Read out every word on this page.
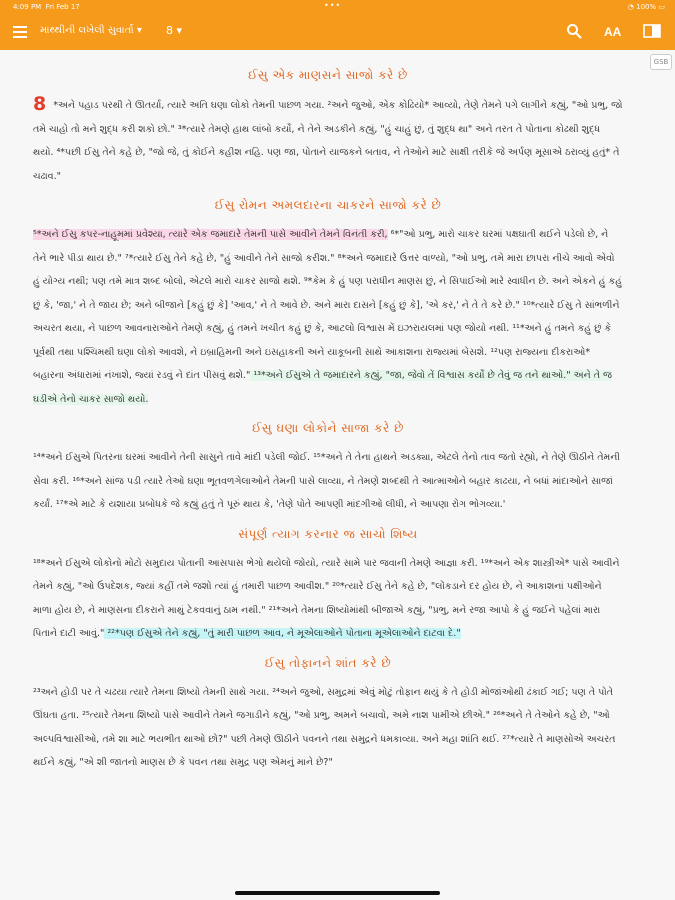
4:09 PM Fri Feb 17	•••	◔ 100% ▭
માથ્થીની લખેલી સુવાર્તા ▾ 8 ▾	AA
GSB
ઈસુ એક માણસને સાજો કરે છે

8 *અને પહાડ પરથી તે ઊતર્યા, ત્યારે અતિ ઘણા લોકો તેમની પાછળ ગયા. ²અને જુઓ, એક કોઢિયો* આવ્યો, તેણે તેમને પગે લાગીને કહ્યું, "ઓ પ્રભુ, જો તમે ચાહો તો મને શુદ્ધ કરી શકો છો." ³*ત્યારે તેમણે હાથ લાંબો કર્યો, ને તેને અડકીને કહ્યું, "હું ચાહું છું, તું શુદ્ધ થા" અને તરત તે પોતાના કોઢથી શુદ્ધ થયો. ⁴*પછી ઈસુ તેને કહે છે, "જો જે, તું કોઈને કહીશ નહિ. પણ જા, પોતાને યાજકને બતાવ, ને તેઓને માટે સાક્ષી તરીકે જે અર્પણ મૂસાએ ઠરાવ્યું હતું* તે ચઢાવ."

ઈસુ રોમન અમલદારના ચાકરને સાજો કરે છે

⁵*અને ઈસુ કપર-નાહૂમમાં પ્રવેશ્યા, ત્યારે એક જમાદારે તેમની પાસે આવીને તેમને વિનંતી કરી, ⁶*"ઓ પ્રભુ, મારો ચાકર ઘરમાં પક્ષઘાતી થઈને પડેલો છે, ને તેને ભારે પીડા થાય છે." ⁷*ત્યારે ઈસુ તેને કહે છે, "હું આવીને તેને સાજો કરીશ." ⁸*અને જમાદારે ઉત્તર વાળ્યો, "ઓ પ્રભુ, તમે મારા છાપરા નીચે આવો એવો હું યોગ્ય નથી; પણ તમે માત્ર શબ્દ બોલો, એટલે મારો ચાકર સાજો થશે. ⁹*કેમ કે હું પણ પરાધીન માણસ છું, ને સિપાઈઓ મારે સ્વાધીન છે. અને એકને હું કહું છું કે, 'જા,' ને તે જાય છે; અને બીજાને [કહું છું કે] 'આવ,' ને તે આવે છે. અને મારા દાસને [કહું છું કે], 'એ કર,' ને તે તે કરે છે." ¹⁰*ત્યારે ઈસુ તે સાંભળીને અચરત થયા, ને પાછળ આવનારાઓને તેમણે કહ્યું, હું તમને ખચીત કહું છું કે, આટલો વિશ્વાસ મેં ઇઝરાયલમાં પણ જોયો નથી. ¹¹*અને હું તમને કહું છું કે પૂર્વથી તથા પશ્ચિમથી ઘણા લોકો આવશે, ને ઇબ્રાહિમની અને ઇસહાકની અને યાકૂબની સાથે આકાશના રાજ્યમાં બેસશે. ¹²પણ રાજ્યના દીકરાઓ* બહારના અંધારામાં નંખાશે, જ્યાં રડવું ને દાંત પીસવું થશે." ¹³*અને ઈસુએ તે જમાદારને કહ્યું, "જા, જેવો તેં વિશ્વાસ કર્યો છે તેવું જ તને થાઓ." અને તે જ ઘડીએ તેનો ચાકર સાજો થયો.

ઈસુ ઘણા લોકોને સાજા કરે છે

¹⁴*અને ઈસુએ પિતરના ઘરમાં આવીને તેની સાસુને તાવે માંદી પડેલી જોઈ. ¹⁵*અને તે તેના હાથને અડક્યા, એટલે તેનો તાવ જતો રહ્યો, ને તેણે ઊઠીને તેમની સેવા કરી. ¹⁶*અને સાંજ પડી ત્યારે તેઓ ઘણા ભૂતવળગેલાઓને તેમની પાસે લાવ્યા, ને તેમણે શબ્દથી તે આત્માઓને બહાર કાઢયા, ને બધાં માંદાઓને સાજાં કર્યાં. ¹⁷*એ માટે કે યશાયા પ્રબોધકે જે કહ્યું હતું તે પૂરું થાય કે, 'તેણે પોતે આપણી માંદગીઓ લીધી, ને આપણા રોગ ભોગવ્યા.'

સંપૂર્ણ ત્યાગ કરનાર જ સાચો શિષ્ય

¹⁸*અને ઈસુએ લોકોનો મોટો સમુદાય પોતાની આસપાસ ભેગો થયેલો જોયો, ત્યારે સામે પાર જવાની તેમણે આજ્ઞા કરી. ¹⁹*અને એક શાસ્ત્રીએ* પાસે આવીને તેમને કહ્યું, "ઓ ઉપદેશક, જ્યાં કહીં તમે જશો ત્યાં હું તમારી પાછળ આવીશ." ²⁰*ત્યારે ઈસુ તેને કહે છે, "લોંકડાને દર હોય છે, ને આકાશનાં પક્ષીઓને માળા હોય છે, ને માણસના દીકરાને માથું ટેકવવાનું ઠામ નથી." ²¹*અને તેમના શિષ્યોમાંથી બીજાએ કહ્યું, "પ્રભુ, મને રજા આપો કે હું જઈને પહેલાં મારા પિતાને દાટી આવું." ²²*પણ ઈસુએ તેને કહ્યું, "તું મારી પાછળ આવ, ને મૂએલાઓને પોતાના મૂએલાઓને દાટવા દે."

ઈસુ તોફાનને શાંત કરે છે

²³અને હોડી પર તે ચઢયા ત્યારે તેમના શિષ્યો તેમની સાથે ગયા. ²⁴અને જુઓ, સમુદ્રમાં એવું મોટું તોફાન થયું કે તે હોડી મોજાંઓથી ઢંકાઈ ગઈ; પણ તે પોતે ઊંઘતા હતા. ²⁵ત્યારે તેમના શિષ્યો પાસે આવીને તેમને જગાડીને કહ્યું, "ઓ પ્રભુ, અમને બચાવો, અમે નાશ પામીએ છીએ." ²⁶*અને તે તેઓને કહે છે, "ઓ અલ્પવિશ્વાસીઓ, તમે શા માટે ભયભીત થાઓ છો?" પછી તેમણે ઊઠીને પવનને તથા સમુદ્રને ધમકાવ્યા. અને મહા શાંતિ થઈ. ²⁷*ત્યારે તે માણસોએ અચરત થઈને કહ્યું, "એ શી જાતનો માણસ છે કે પવન તથા સમુદ્ર પણ એમનું માને છે?"
